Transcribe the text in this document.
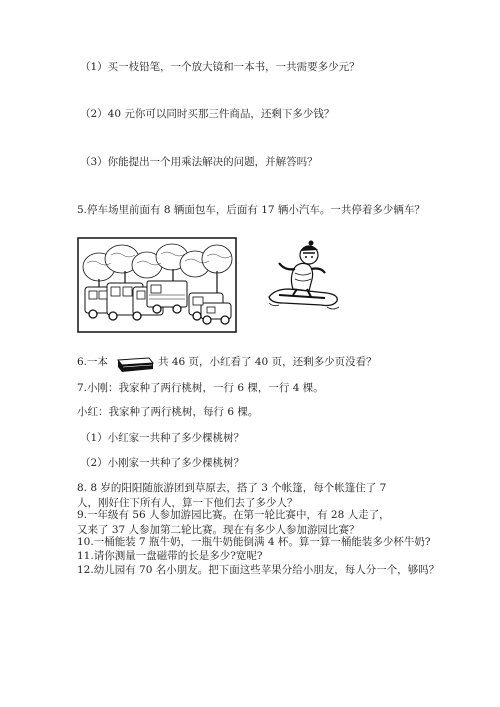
（1）买一枝铅笔，一个放大镜和一本书，一共需要多少元？
（2）40 元你可以同时买那三件商品，还剩下多少钱？
（3）你能提出一个用乘法解决的问题，并解答吗？
5.停车场里前面有 8 辆面包车，后面有 17 辆小汽车。一共停着多少辆车？
6.一本	共 46 页，小红看了 40 页，还剩多少页没看？
7.小刚：我家种了两行桃树，一行 6 棵，一行 4 棵。
小红：我家种了两行桃树，每行 6 棵。
（1）小红家一共种了多少棵桃树？
（2）小刚家一共种了多少棵桃树？
8. 8 岁的阳阳随旅游团到草原去，搭了 3 个帐篷，每个帐篷住了 7 人，刚好住下所有人，算一下他们去了多少人？
9.一年级有 56 人参加游园比赛。在第一轮比赛中，有 28 人走了，又来了 37 人参加第二轮比赛。现在有多少人参加游园比赛？
10.一桶能装 7 瓶牛奶，一瓶牛奶能倒满 4 杯。算一算一桶能装多少杯牛奶?
11.请你测量一盘磁带的长是多少?宽呢?
12.幼儿园有 70 名小朋友。把下面这些苹果分给小朋友，每人分一个，够吗？
